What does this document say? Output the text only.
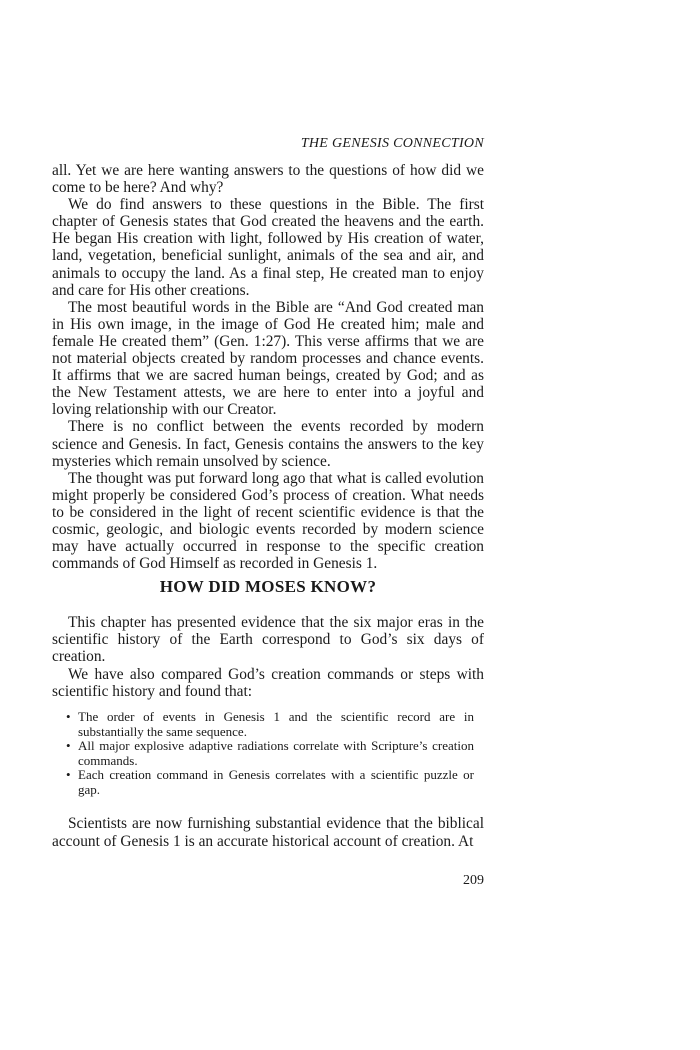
THE GENESIS CONNECTION

all. Yet we are here wanting answers to the questions of how did we come to be here? And why?

We do find answers to these questions in the Bible. The first chapter of Genesis states that God created the heavens and the earth. He began His creation with light, followed by His creation of water, land, vegetation, beneficial sunlight, animals of the sea and air, and animals to occupy the land. As a final step, He created man to enjoy and care for His other creations.

The most beautiful words in the Bible are “And God created man in His own image, in the image of God He created him; male and female He created them” (Gen. 1:27). This verse affirms that we are not material objects created by random processes and chance events. It affirms that we are sacred human beings, created by God; and as the New Testament attests, we are here to enter into a joyful and loving relationship with our Creator.

There is no conflict between the events recorded by modern science and Genesis. In fact, Genesis contains the answers to the key mysteries which remain unsolved by science.

The thought was put forward long ago that what is called evolution might properly be considered God’s process of creation. What needs to be considered in the light of recent scientific evidence is that the cosmic, geologic, and biologic events recorded by modern science may have actually occurred in response to the specific creation commands of God Himself as recorded in Genesis 1.

HOW DID MOSES KNOW?

This chapter has presented evidence that the six major eras in the scientific history of the Earth correspond to God’s six days of creation.

We have also compared God’s creation commands or steps with scientific history and found that:

• The order of events in Genesis 1 and the scientific record are in substantially the same sequence.
• All major explosive adaptive radiations correlate with Scripture’s creation commands.
• Each creation command in Genesis correlates with a scientific puzzle or gap.

Scientists are now furnishing substantial evidence that the biblical account of Genesis 1 is an accurate historical account of creation. At

209
